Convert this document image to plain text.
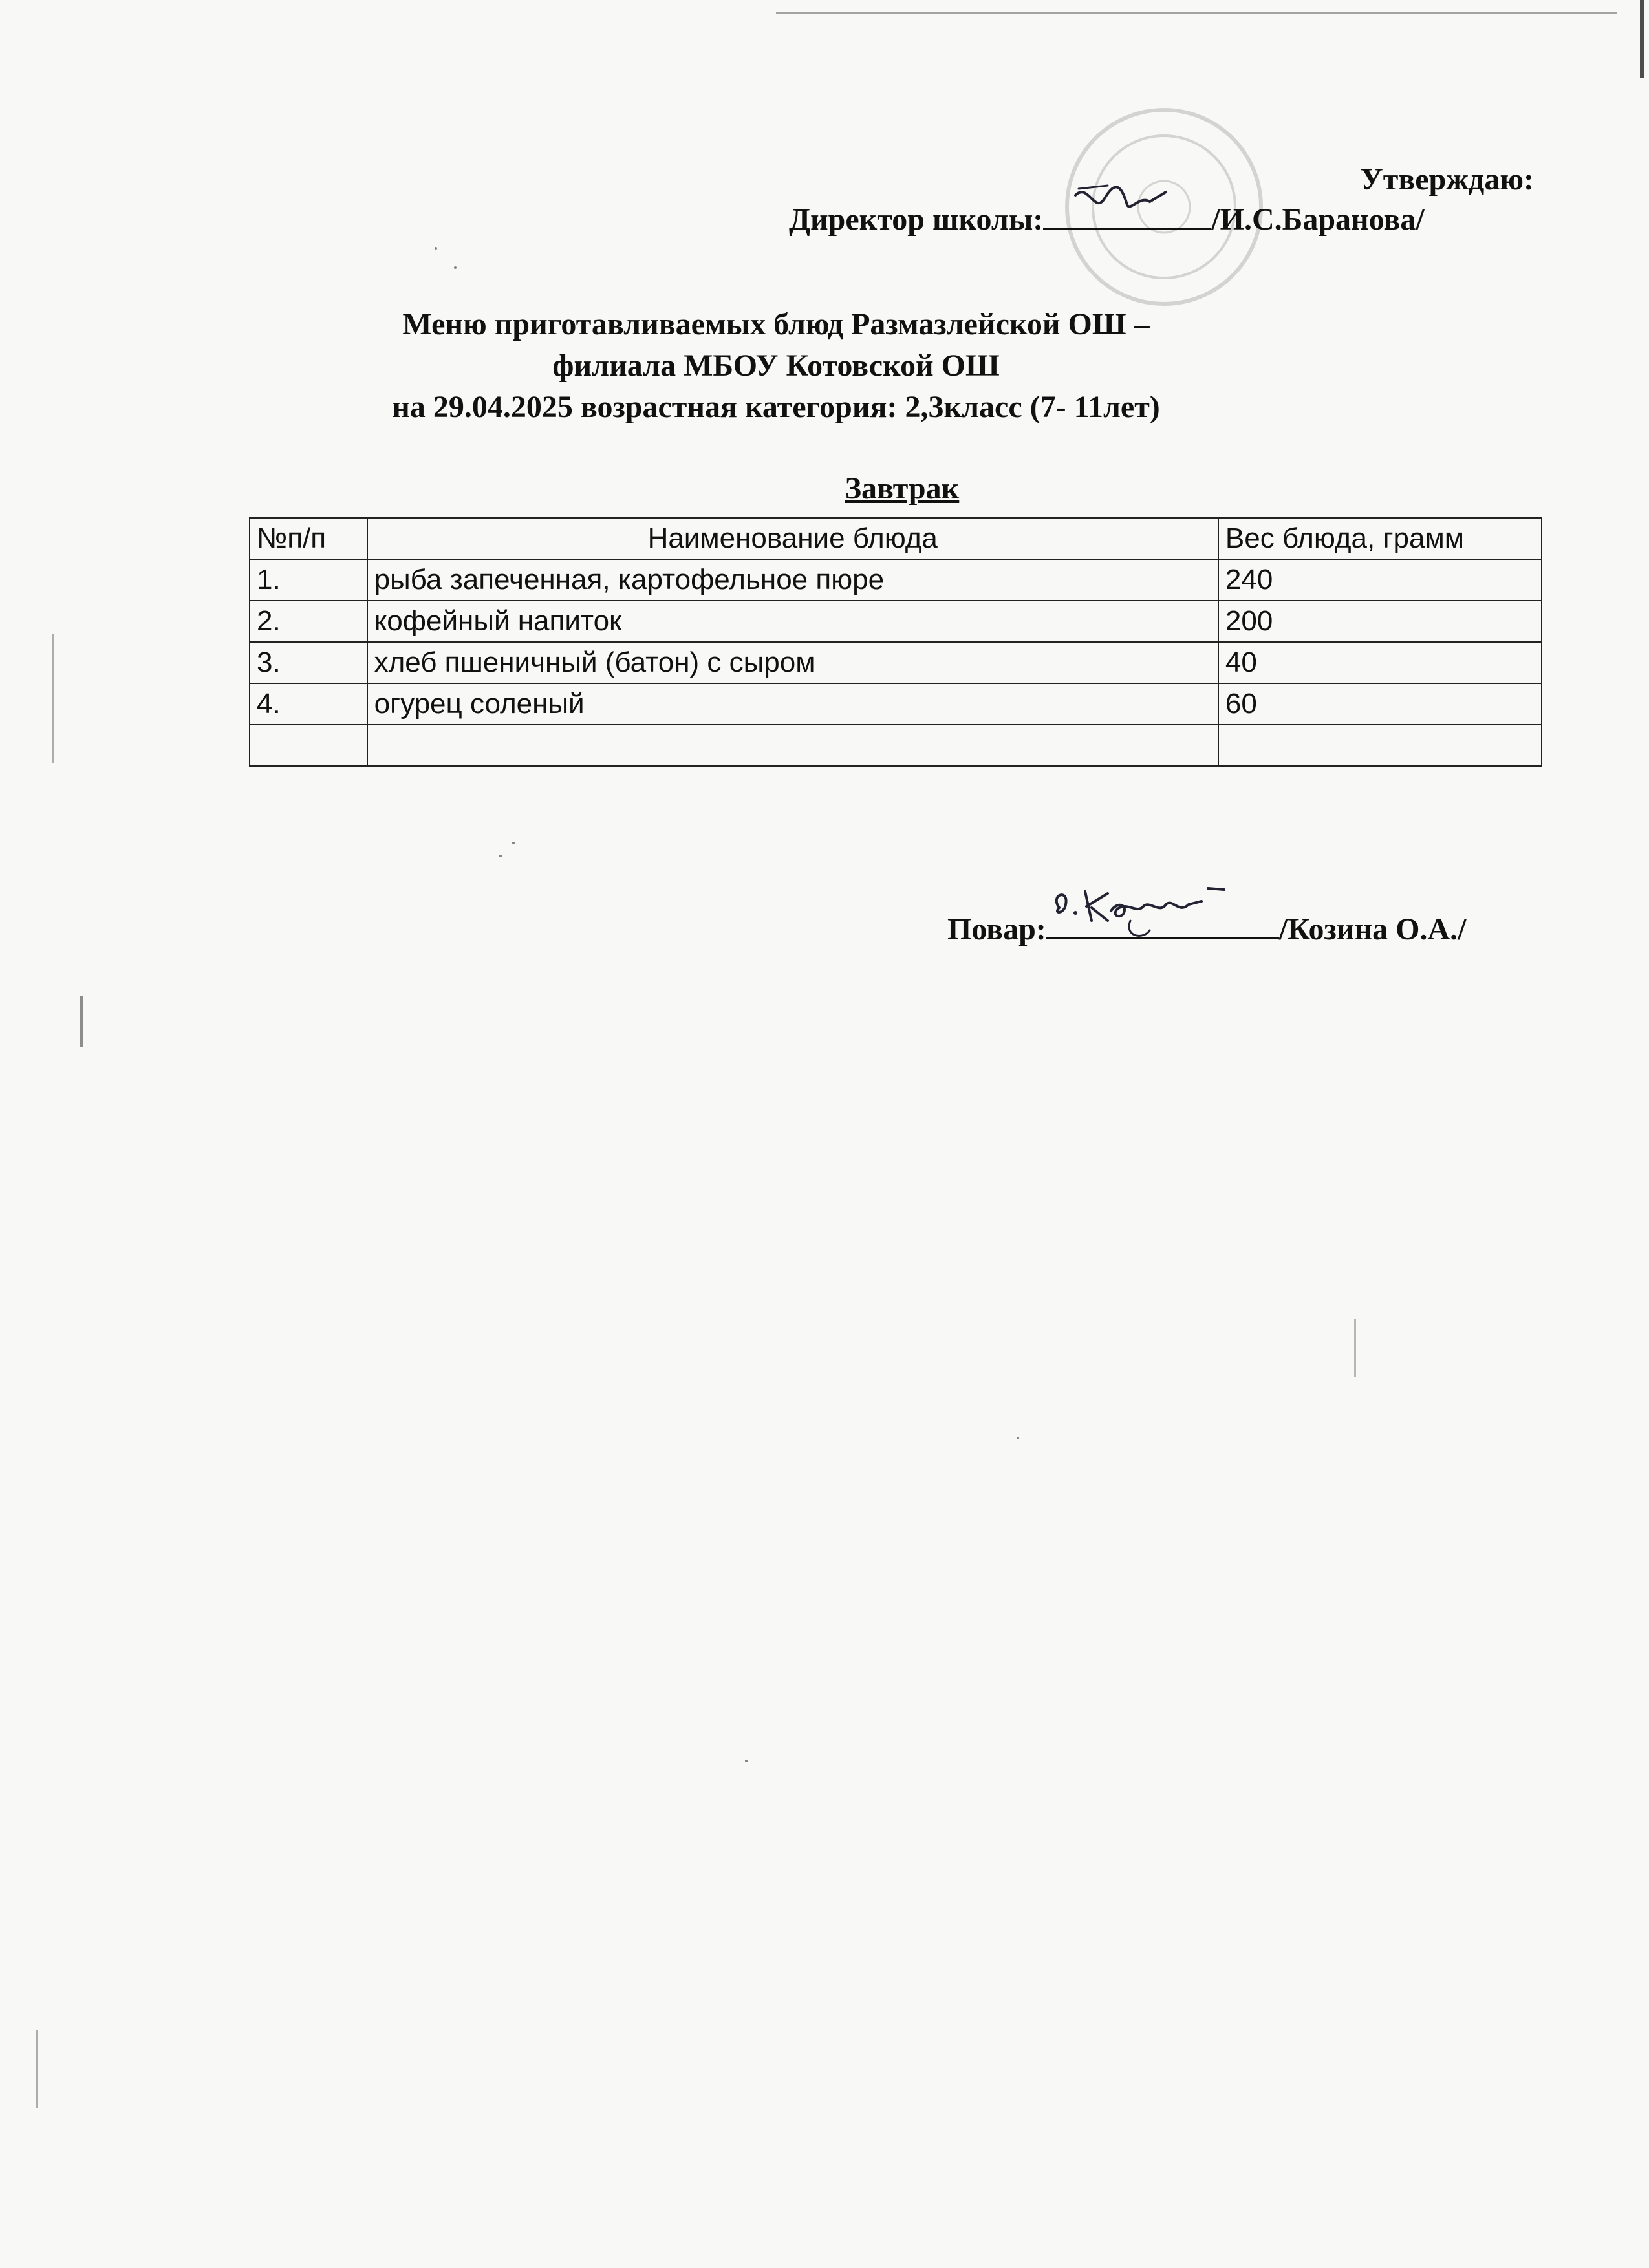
Утверждаю:
Директор школы:	/И.С.Баранова/
Меню приготавливаемых блюд Размазлейской ОШ –
филиала МБОУ Котовской ОШ
на 29.04.2025 возрастная категория: 2,3класс (7- 11лет)
Завтрак
№п/п	Наименование блюда	Вес блюда, грамм
1.	рыба запеченная, картофельное пюре	240
2.	кофейный напиток	200
3.	хлеб пшеничный (батон) с сыром	40
4.	огурец соленый	60

Повар:	/Козина О.А./
